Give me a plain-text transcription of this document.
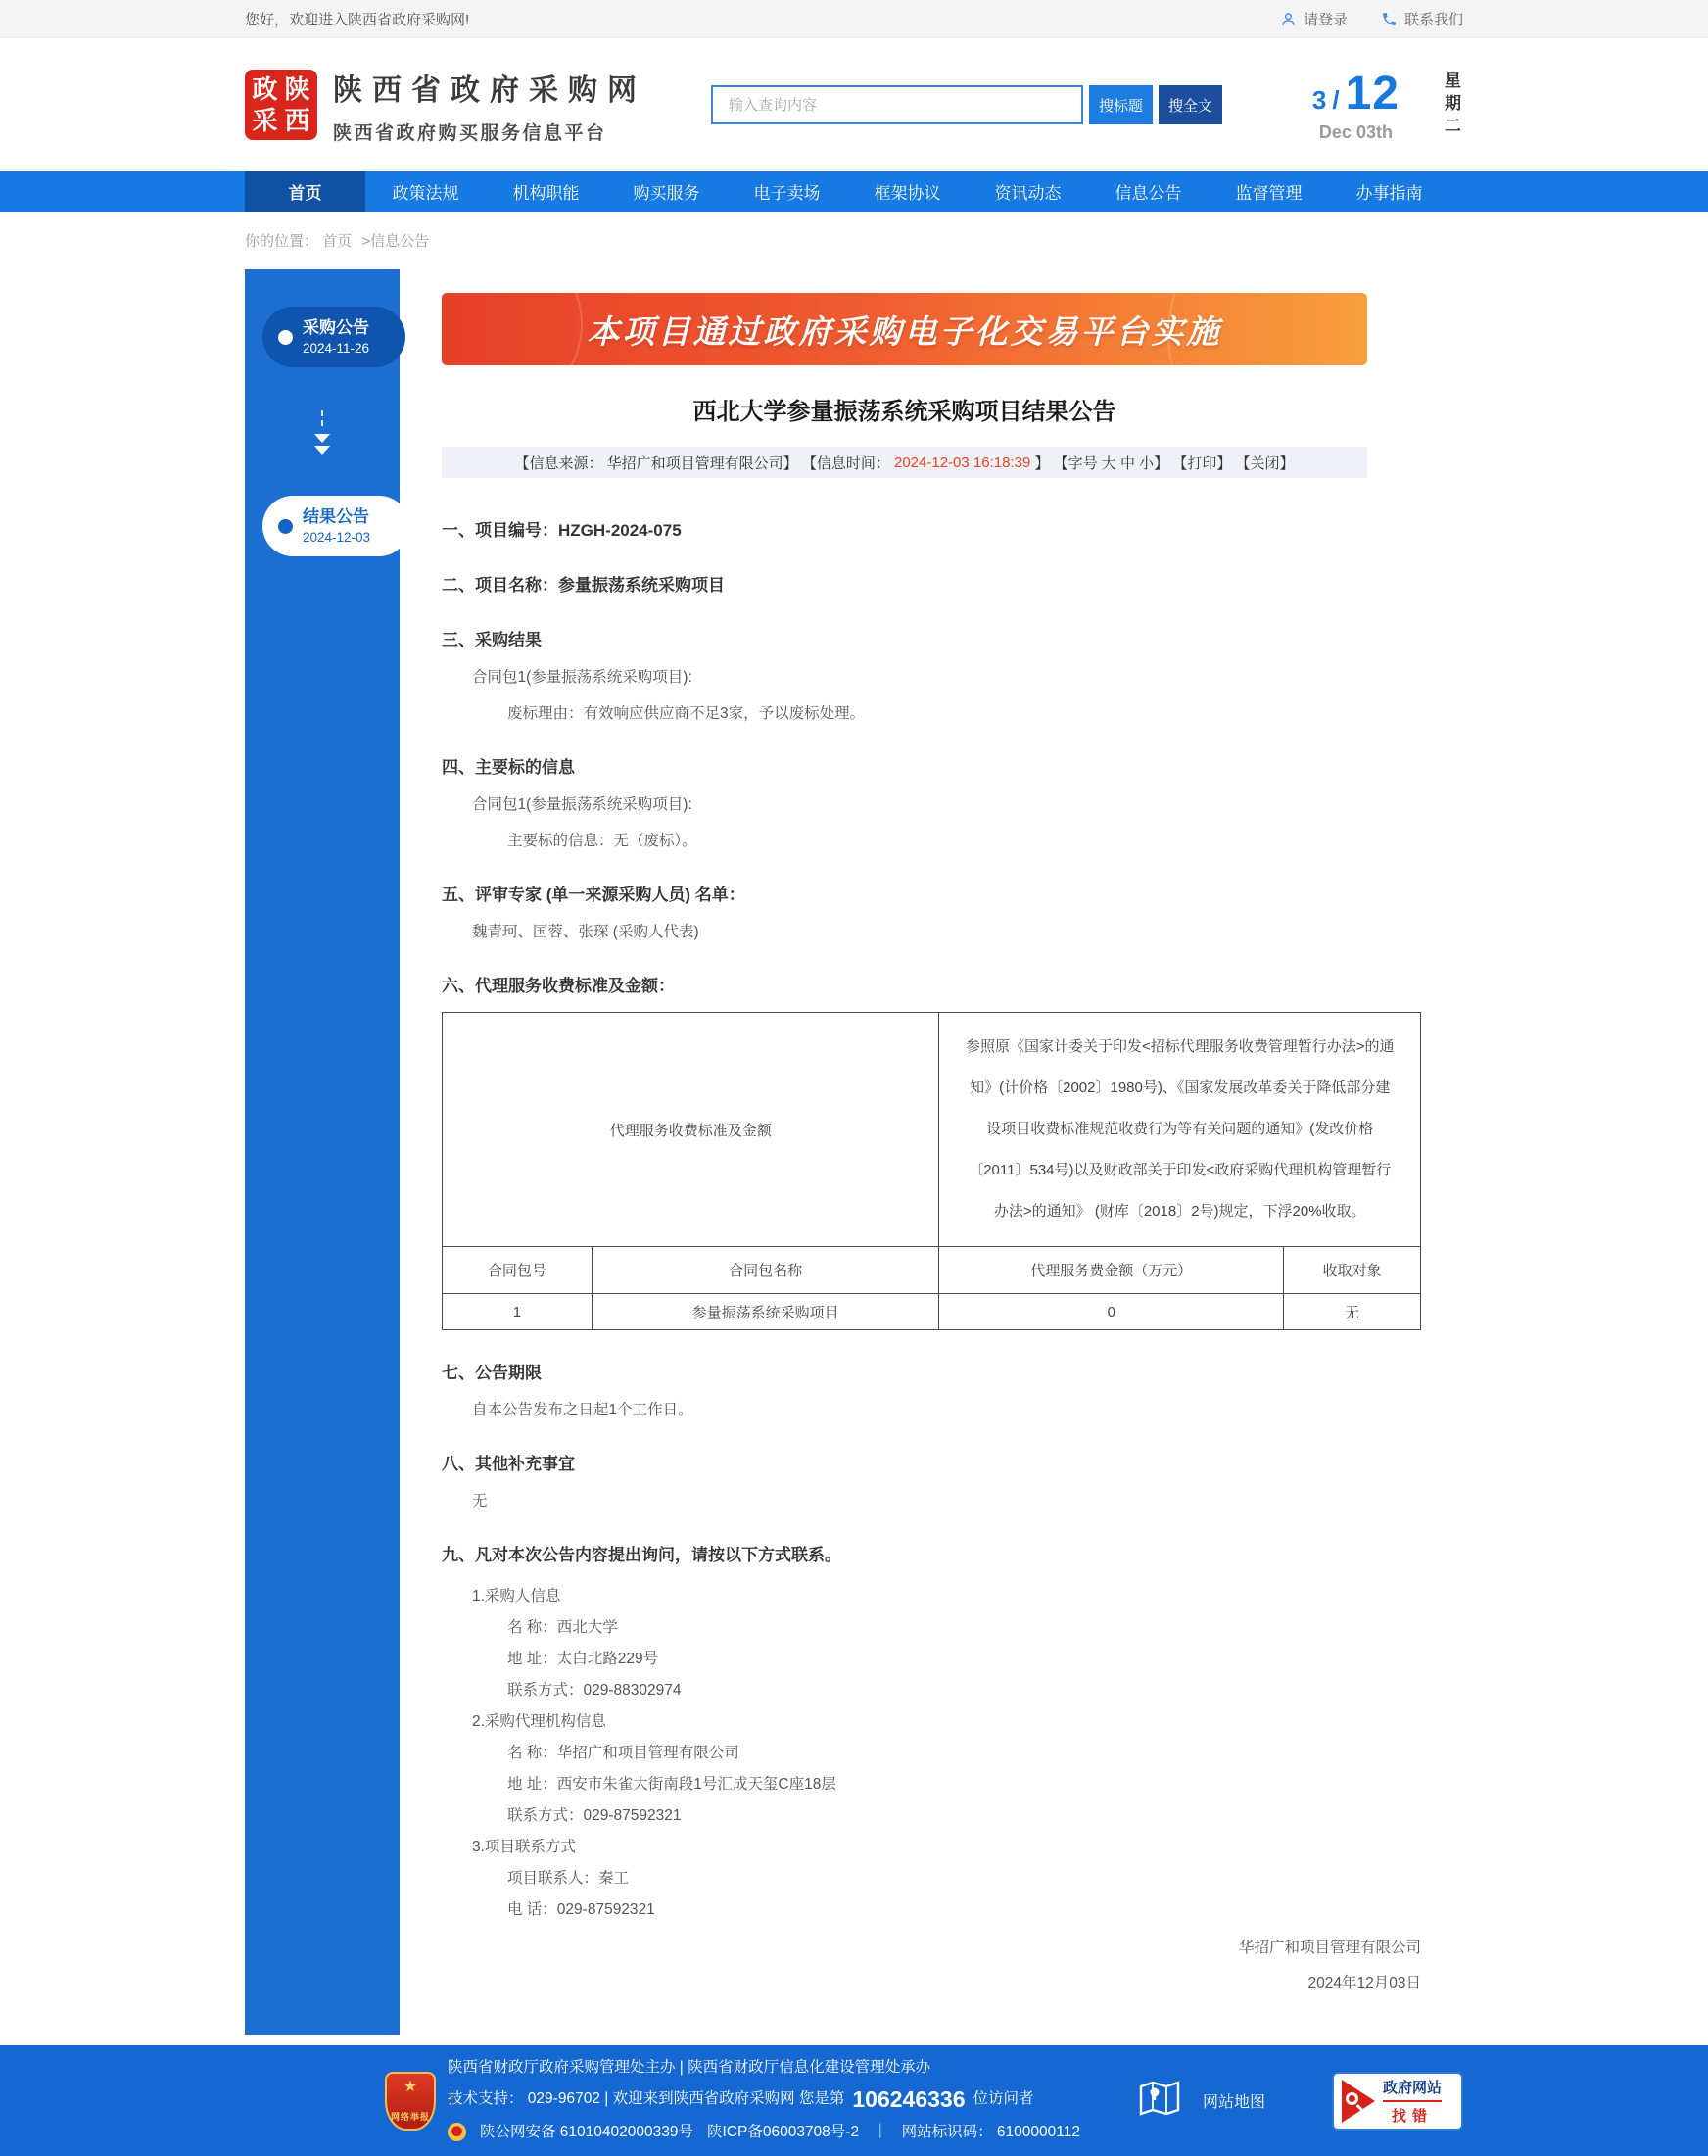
您好，欢迎进入陕西省政府采购网!	请登录	联系我们
政 陕
采 西
陕西省政府采购网
陕西省政府购买服务信息平台
输入查询内容
搜标题	搜全文	3 / 12
Dec 03th	星期二
首页	政策法规	机构职能	购买服务	电子卖场	框架协议	资讯动态	信息公告	监督管理	办事指南
你的位置： 首页 >信息公告
采购公告
2024-11-26
结果公告
2024-12-03
本项目通过政府采购电子化交易平台实施
西北大学参量振荡系统采购项目结果公告
【信息来源： 华招广和项目管理有限公司】 【信息时间： 2024-12-03 16:18:39 】 【字号 大 中 小】 【打印】 【关闭】
一、项目编号：HZGH-2024-075
二、项目名称：参量振荡系统采购项目
三、采购结果
合同包1(参量振荡系统采购项目):
废标理由：有效响应供应商不足3家，予以废标处理。
四、主要标的信息
合同包1(参量振荡系统采购项目):
主要标的信息：无（废标）。
五、评审专家 (单一来源采购人员) 名单：
魏青珂、国蓉、张琛 (采购人代表)
六、代理服务收费标准及金额：
代理服务收费标准及金额		参照原《国家计委关于印发<招标代理服务收费管理暂行办法>的通知》(计价格〔2002〕1980号)、《国家发展改革委关于降低部分建设项目收费标准规范收费行为等有关问题的通知》(发改价格〔2011〕534号)以及财政部关于印发<政府采购代理机构管理暂行办法>的通知》 (财库〔2018〕2号)规定，下浮20%收取。	
合同包号	合同包名称	代理服务费金额（万元）	收取对象
1	参量振荡系统采购项目	0	无
七、公告期限
自本公告发布之日起1个工作日。
八、其他补充事宜
无
九、凡对本次公告内容提出询问，请按以下方式联系。
1.采购人信息
名 称：西北大学
地 址：太白北路229号
联系方式：029-88302974
2.采购代理机构信息
名 称：华招广和项目管理有限公司
地 址：西安市朱雀大街南段1号汇成天玺C座18层
联系方式：029-87592321
3.项目联系方式
项目联系人：秦工
电 话：029-87592321
华招广和项目管理有限公司
2024年12月03日
★
网络举报
陕西省财政厅政府采购管理处主办 | 陕西省财政厅信息化建设管理处承办
技术支持： 029-96702 | 欢迎来到陕西省政府采购网 您是第 106246336 位访问者
陕公网安备 61010402000339号 陕ICP备06003708号-2 ｜ 网站标识码： 6100000112
网站地图
政府网站
找错
